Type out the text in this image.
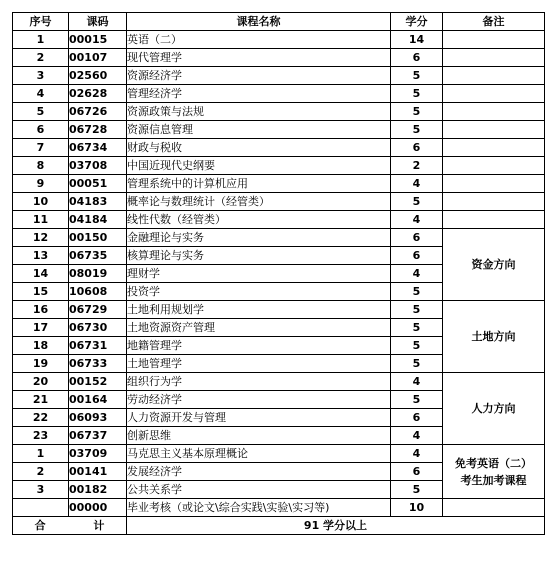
序号	课码	课程名称	学分	备注
1	00015	英语（二）	14	
2	00107	现代管理学	6	
3	02560	资源经济学	5	
4	02628	管理经济学	5	
5	06726	资源政策与法规	5	
6	06728	资源信息管理	5	
7	06734	财政与税收	6	
8	03708	中国近现代史纲要	2	
9	00051	管理系统中的计算机应用	4	
10	04183	概率论与数理统计（经管类）	5	
11	04184	线性代数（经管类）	4	
12	00150	金融理论与实务	6	资金方向
13	06735	核算理论与实务	6	
14	08019	理财学	4	
15	10608	投资学	5	
16	06729	土地利用规划学	5	土地方向
17	06730	土地资源资产管理	5	
18	06731	地籍管理学	5	
19	06733	土地管理学	5	
20	00152	组织行为学	4	人力方向
21	00164	劳动经济学	5	
22	06093	人力资源开发与管理	6	
23	06737	创新思维	4	
1	03709	马克思主义基本原理概论	4	免考英语（二）
考生加考课程

2	00141	发展经济学	6	
3	00182	公共关系学	5	
	00000	毕业考核（或论文\综合实践\实验\实习等)	10	
合 计		91 学分以上		
